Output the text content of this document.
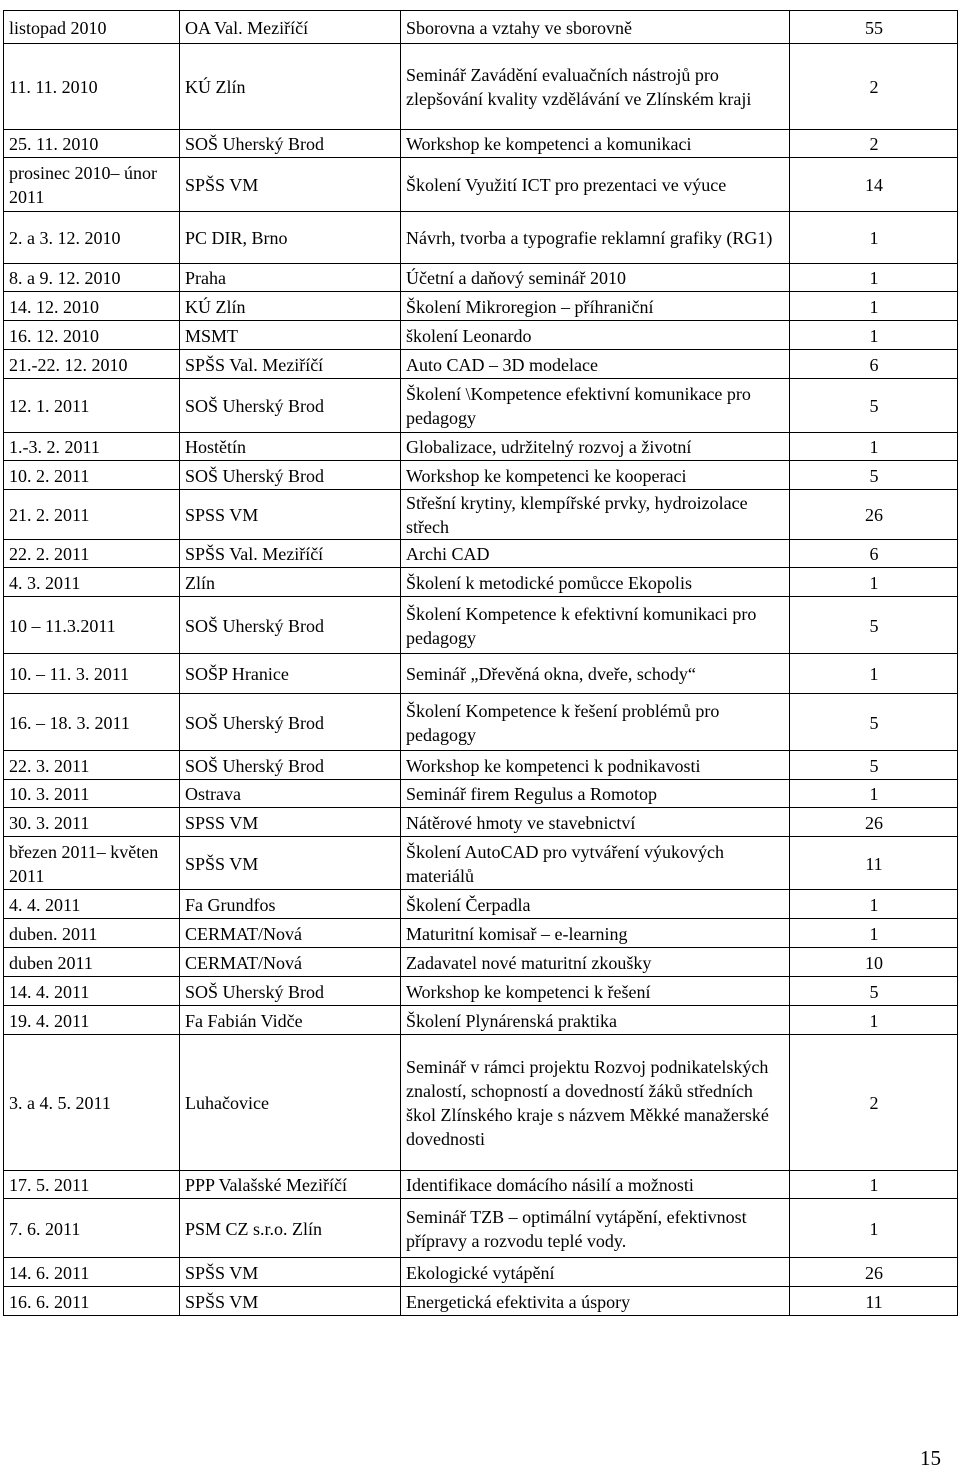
listopad 2010	OA Val. Meziříčí	Sborovna a vztahy ve sborovně	55
11. 11. 2010	KÚ Zlín	Seminář Zavádění evaluačních nástrojů pro zlepšování kvality vzdělávání ve Zlínském kraji	2
25. 11. 2010	SOŠ Uherský Brod	Workshop ke kompetenci a komunikaci	2
prosinec 2010– únor 2011	SPŠS VM	Školení Využití ICT pro prezentaci ve výuce	14
2. a 3. 12. 2010	PC DIR, Brno	Návrh, tvorba a typografie reklamní grafiky (RG1)	1
8. a 9. 12. 2010	Praha	Účetní a daňový seminář 2010	1
14. 12. 2010	KÚ Zlín	Školení Mikroregion – příhraniční	1
16. 12. 2010	MSMT	školení Leonardo	1
21.-22. 12. 2010	SPŠS Val. Meziříčí	Auto CAD – 3D modelace	6
12. 1. 2011	SOŠ Uherský Brod	Školení \Kompetence efektivní komunikace pro pedagogy	5
1.-3. 2. 2011	Hostětín	Globalizace, udržitelný rozvoj a životní	1
10. 2. 2011	SOŠ Uherský Brod	Workshop ke kompetenci ke kooperaci	5
21. 2. 2011	SPSS VM	Střešní krytiny, klempířské prvky, hydroizolace střech	26
22. 2. 2011	SPŠS Val. Meziříčí	Archi CAD	6
4. 3. 2011	Zlín	Školení k metodické pomůcce Ekopolis	1
10 – 11.3.2011	SOŠ Uherský Brod	Školení Kompetence k efektivní komunikaci pro pedagogy	5
10. – 11. 3. 2011	SOŠP Hranice	Seminář „Dřevěná okna, dveře, schody“	1
16. – 18. 3. 2011	SOŠ Uherský Brod	Školení Kompetence k řešení problémů pro pedagogy	5
22. 3. 2011	SOŠ Uherský Brod	Workshop ke kompetenci k podnikavosti	5
10. 3. 2011	Ostrava	Seminář firem Regulus a Romotop	1
30. 3. 2011	SPSS VM	Nátěrové hmoty ve stavebnictví	26
březen 2011– květen 2011	SPŠS VM	Školení AutoCAD pro vytváření výukových materiálů	11
4. 4. 2011	Fa Grundfos	Školení Čerpadla	1
duben. 2011	CERMAT/Nová	Maturitní komisař – e-learning	1
duben 2011	CERMAT/Nová	Zadavatel nové maturitní zkoušky	10
14. 4. 2011	SOŠ Uherský Brod	Workshop ke kompetenci k řešení	5
19. 4. 2011	Fa Fabián Vidče	Školení Plynárenská praktika	1
3. a 4. 5. 2011	Luhačovice	Seminář v rámci projektu Rozvoj podnikatelských znalostí, schopností a dovedností žáků středních škol Zlínského kraje s názvem Měkké manažerské dovednosti	2
17. 5. 2011	PPP Valašské Meziříčí	Identifikace domácího násilí a možnosti	1
7. 6. 2011	PSM CZ s.r.o. Zlín	Seminář TZB – optimální vytápění, efektivnost přípravy a rozvodu teplé vody.	1
14. 6. 2011	SPŠS VM	Ekologické vytápění	26
16. 6. 2011	SPŠS VM	Energetická efektivita a úspory	11
15
